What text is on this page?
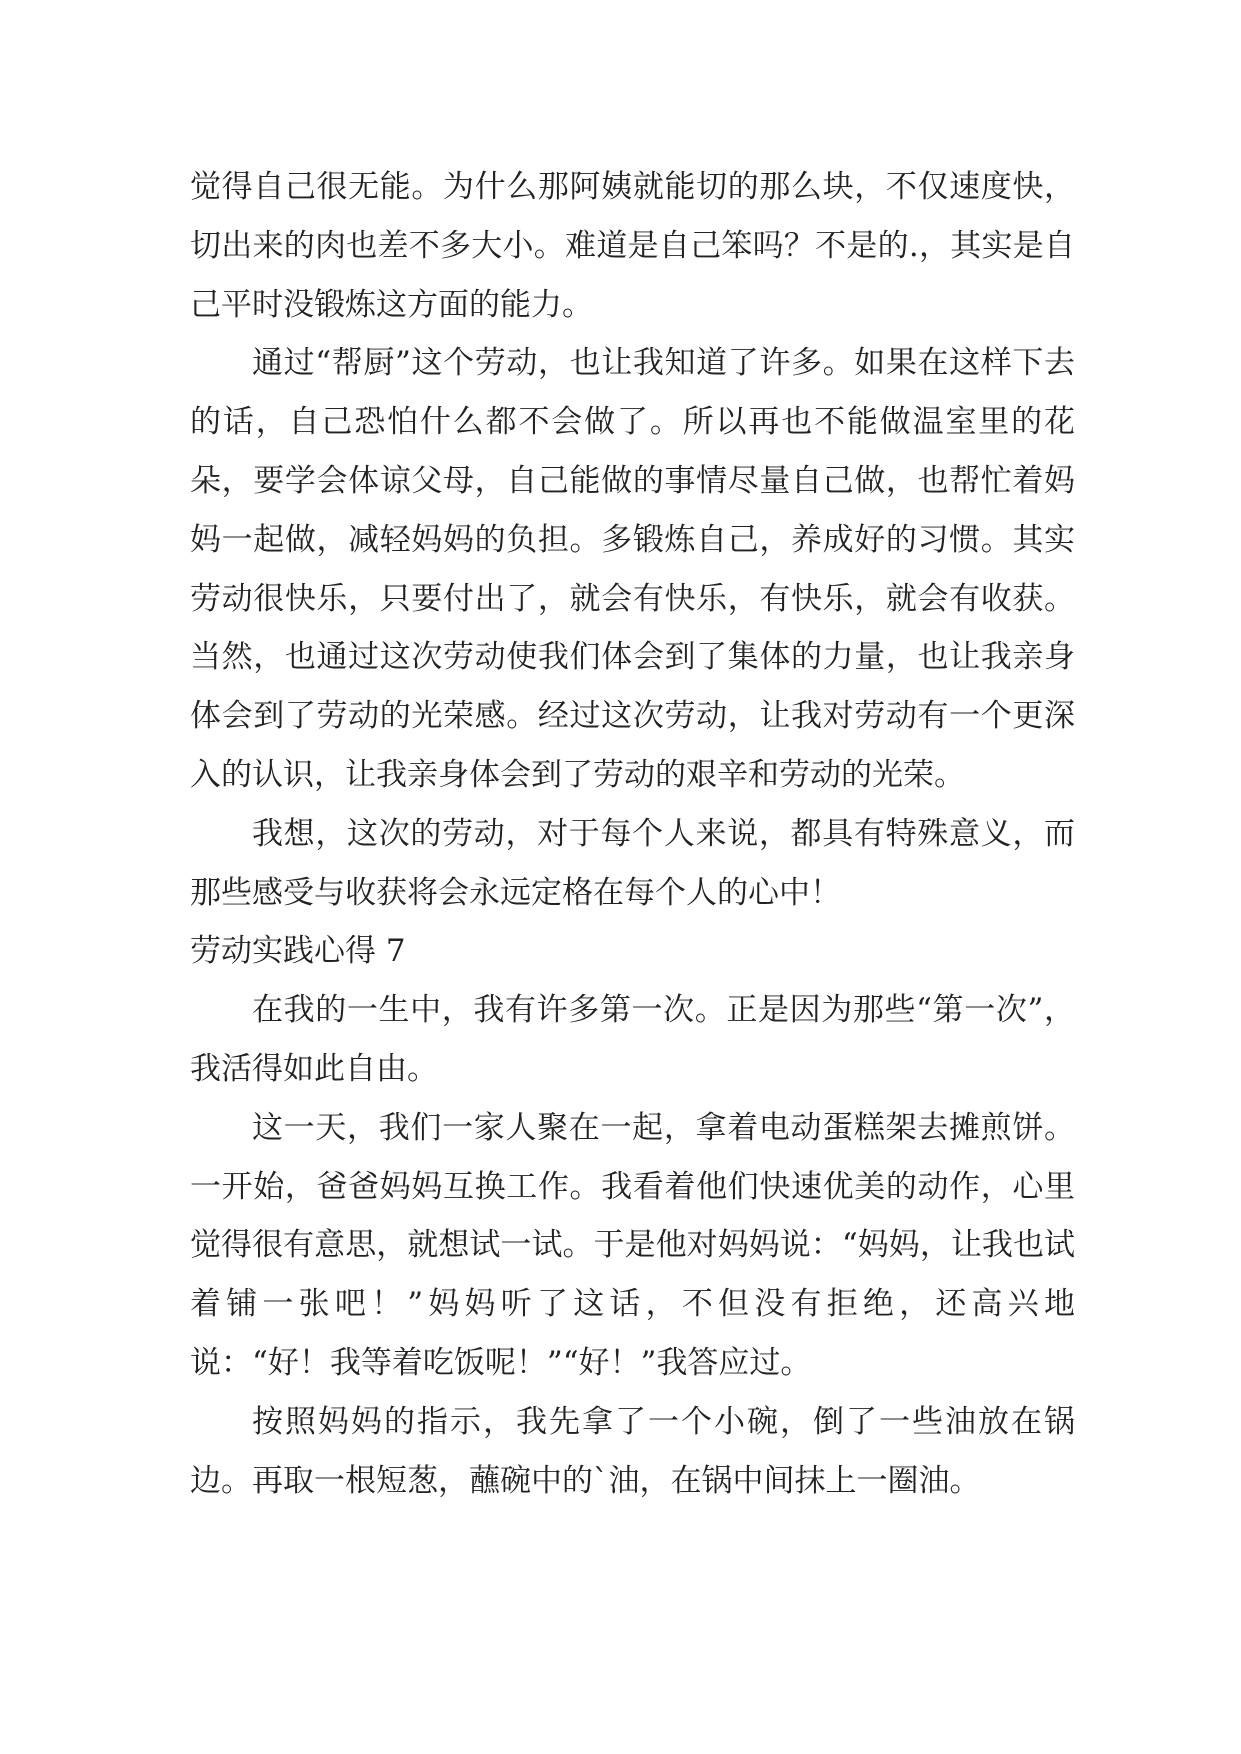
觉得自己很无能。为什么那阿姨就能切的那么块，不仅速度快，切出来的肉也差不多大小。难道是自己笨吗？不是的.，其实是自己平时没锻炼这方面的能力。

通过“帮厨”这个劳动，也让我知道了许多。如果在这样下去的话，自己恐怕什么都不会做了。所以再也不能做温室里的花朵，要学会体谅父母，自己能做的事情尽量自己做，也帮忙着妈妈一起做，减轻妈妈的负担。多锻炼自己，养成好的习惯。其实劳动很快乐，只要付出了，就会有快乐，有快乐，就会有收获。当然，也通过这次劳动使我们体会到了集体的力量，也让我亲身体会到了劳动的光荣感。经过这次劳动，让我对劳动有一个更深入的认识，让我亲身体会到了劳动的艰辛和劳动的光荣。

我想，这次的劳动，对于每个人来说，都具有特殊意义，而那些感受与收获将会永远定格在每个人的心中！

劳动实践心得 7

在我的一生中，我有许多第一次。正是因为那些“第一次”，我活得如此自由。

这一天，我们一家人聚在一起，拿着电动蛋糕架去摊煎饼。一开始，爸爸妈妈互换工作。我看着他们快速优美的动作，心里觉得很有意思，就想试一试。于是他对妈妈说：“妈妈，让我也试着铺一张吧！”妈妈听了这话，不但没有拒绝，还高兴地说：“好！我等着吃饭呢！”“好！”我答应过。

按照妈妈的指示，我先拿了一个小碗，倒了一些油放在锅边。再取一根短葱，蘸碗中的`油，在锅中间抹上一圈油。
